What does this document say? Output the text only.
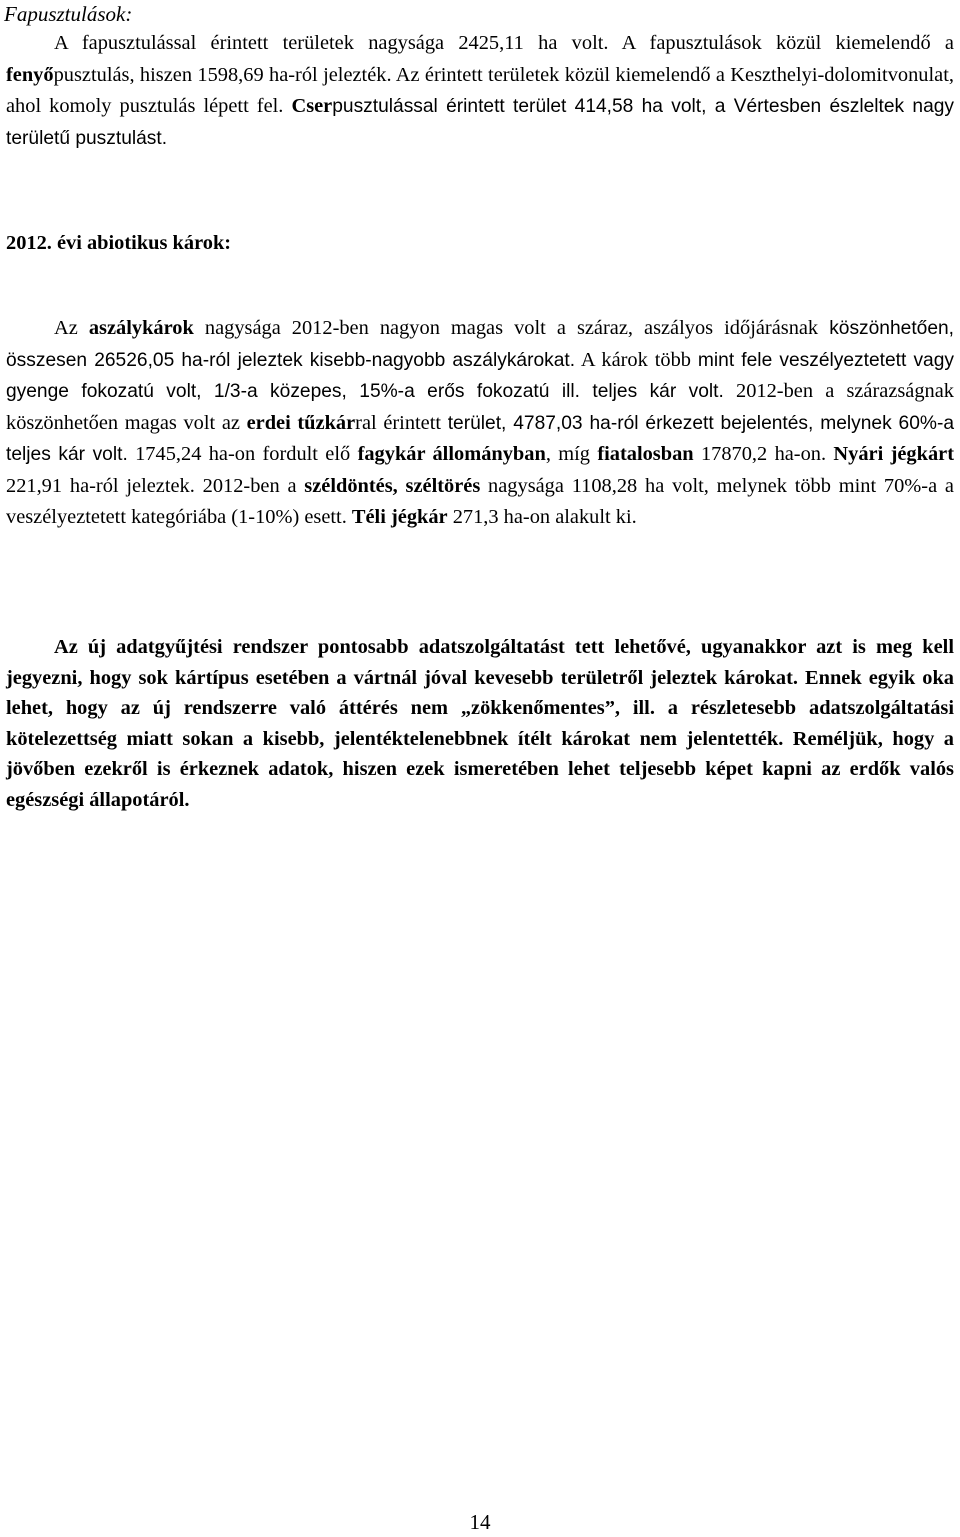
Fapusztulások:

A fapusztulással érintett területek nagysága 2425,11 ha volt. A fapusztulások közül kiemelendő a fenyőpusztulás, hiszen 1598,69 ha-ról jelezték. Az érintett területek közül kiemelendő a Keszthelyi-dolomitvonulat, ahol komoly pusztulás lépett fel. Cserpusztulással érintett terület 414,58 ha volt, a Vértesben észleltek nagy területű pusztulást.

2012. évi abiotikus károk:

Az aszálykárok nagysága 2012-ben nagyon magas volt a száraz, aszályos időjárásnak köszönhetően, összesen 26526,05 ha-ról jeleztek kisebb-nagyobb aszálykárokat. A károk több mint fele veszélyeztetett vagy gyenge fokozatú volt, 1/3-a közepes, 15%-a erős fokozatú ill. teljes kár volt. 2012-ben a szárazságnak köszönhetően magas volt az erdei tűzkárral érintett terület, 4787,03 ha-ról érkezett bejelentés, melynek 60%-a teljes kár volt. 1745,24 ha-on fordult elő fagykár állományban, míg fiatalosban 17870,2 ha-on. Nyári jégkárt 221,91 ha-ról jeleztek. 2012-ben a széldöntés, széltörés nagysága 1108,28 ha volt, melynek több mint 70%-a a veszélyeztetett kategóriába (1-10%) esett. Téli jégkár 271,3 ha-on alakult ki.

Az új adatgyűjtési rendszer pontosabb adatszolgáltatást tett lehetővé, ugyanakkor azt is meg kell jegyezni, hogy sok kártípus esetében a vártnál jóval kevesebb területről jeleztek károkat. Ennek egyik oka lehet, hogy az új rendszerre való áttérés nem „zökkenőmentes”, ill. a részletesebb adatszolgáltatási kötelezettség miatt sokan a kisebb, jelentéktelenebbnek ítélt károkat nem jelentették. Reméljük, hogy a jövőben ezekről is érkeznek adatok, hiszen ezek ismeretében lehet teljesebb képet kapni az erdők valós egészségi állapotáról.

14
